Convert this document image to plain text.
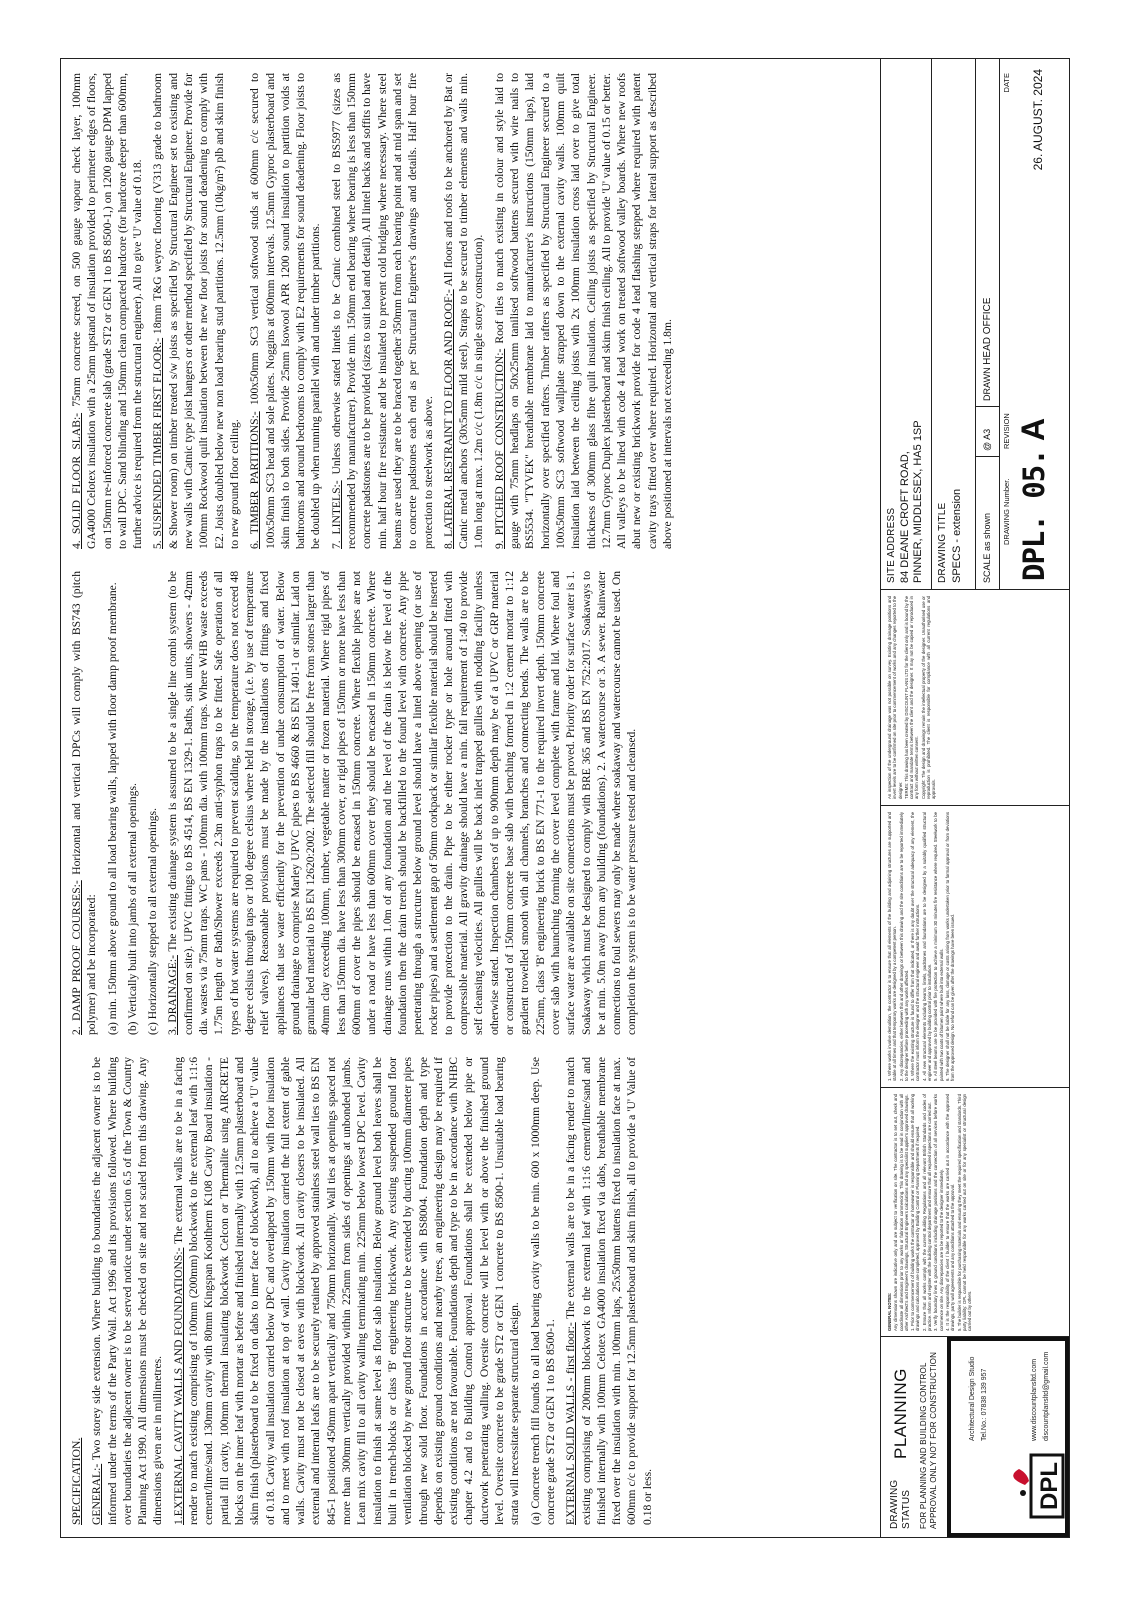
SPECIFICATION. GENERAL:- Two storey side extension. Where building to boundaries the adjacent owner is to be informed under the terms of the Party Wall. Act 1996 and its provisions followed. Where building over boundaries the adjacent owner is to be served notice under section 6.5 of the Town & Country Planning Act 1990. All dimensions must be checked on site and not scaled from this drawing. Any dimensions given are in millimetres. 1.EXTERNAL CAVITY WALLS AND FOUNDATIONS:- The external walls are to be in a facing render to match existing comprising of 100mm (200mm) blockwork to the external leaf with 1:1:6 cement/lime/sand. 130mm cavity with 80mm Kingspan Kooltherm K108 Cavity Board insulation - partial fill cavity, 100mm thermal insulating blockwork Celcon or Thermalite using AIRCRETE blocks on the inner leaf with mortar as before and finished internally with 12.5mm plasterboard and skim finish (plasterboard to be fixed on dabs to inner face of blockwork), all to achieve a 'U' value of 0.18. Cavity wall insulation carried below DPC and overlapped by 150mm with floor insulation and to meet with roof insulation at top of wall. Cavity insulation carried the full extent of gable walls. Cavity must not be closed at eaves with blockwork. All cavity closers to be insulated. All external and internal leafs are to be securely retained by approved stainless steel wall ties to BS EN 845-1 positioned 450mm apart vertically and 750mm horizontally. Wall ties at openings spaced not more than 300mm vertically provided within 225mm from sides of openings at unbonded jambs. Lean mix cavity fill to all cavity walling terminating min. 225mm below lowest DPC level. Cavity insulation to finish at same level as floor slab insulation. Below ground level both leaves shall be built in trench-blocks or class 'B' engineering brickwork. Any existing suspended ground floor ventilation blocked by new ground floor structure to be extended by ducting 100mm diameter pipes through new solid floor. Foundations in accordance with BS8004. Foundation depth and type depends on existing ground conditions and nearby trees, an engineering design may be required if existing conditions are not favourable. Foundations depth and type to be in accordance with NHBC chapter 4.2 and to Building Control approval. Foundations shall be extended below pipe or ductwork penetrating walling. Oversite concrete will be level with or above the finished ground level. Oversite concrete to be grade ST2 or GEN 1 concrete to BS 8500-1. Unsuitable load bearing strata will necessitate separate structural design. (a) Concrete trench fill founds to all load bearing cavity walls to be min. 600 x 1000mm deep. Use concrete grade ST2 or GEN 1 to BS 8500-1. EXTERNAL SOLID WALLS - first floor:- The external walls are to be in a facing render to match existing comprising of 200mm blockwork to the external leaf with 1:1:6 cement/lime/sand and finished internally with 100mm Celotex GA4000 insulation fixed via dabs, breathable membrane fixed over the insulation with min. 100mm laps, 25x50mm battens fixed to insulation face at max. 600mm c/c to provide support for 12.5mm plasterboard and skim finish, all to provide a 'U' Value of 0.18 or less.

2. DAMP PROOF COURSES:- Horizontal and vertical DPCs will comply with BS743 (pitch polymer) and be incorporated: (a) min. 150mm above ground to all load bearing walls, lapped with floor damp proof membrane. (b) Vertically built into jambs of all external openings. (c) Horizontally stepped to all external openings. 3. DRAINAGE:- The existing drainage system is assumed to be a single line combi system (to be confirmed on site). UPVC fittings to BS 4514, BS EN 1329-1. Baths, sink units, showers - 42mm dia. wastes via 75mm traps. WC pans - 100mm dia. with 100mm traps. Where WHB waste exceeds 1.75m length or Bath/Shower exceeds 2.3m anti-syphon traps to be fitted. Safe operation of all types of hot water systems are required to prevent scalding, so the temperature does not exceed 48 degree celsius through taps or 100 degree celsius where held in storage, (i.e. by use of temperature relief valves). Reasonable provisions must be made by the installations of fittings and fixed appliances that use water efficiently for the prevention of undue consumption of water. Below ground drainage to comprise Marley UPVC pipes to BS 4660 & BS EN 1401-1 or similar. Laid on granular bed material to BS EN 12620:2002. The selected fill should be free from stones larger than 40mm clay exceeding 100mm, timber, vegetable matter or frozen material. Where rigid pipes of less than 150mm dia. have less than 300mm cover, or rigid pipes of 150mm or more have less than 600mm of cover the pipes should be encased in 150mm concrete. Where flexible pipes are not under a road or have less than 600mm cover they should be encased in 150mm concrete. Where drainage runs within 1.0m of any foundation and the level of the drain is below the level of the foundation then the drain trench should be backfilled to the found level with concrete. Any pipe penetrating through a structure below ground level should have a lintel above opening (or use of rocker pipes) and a settlement gap of 50mm corkpack or similar flexible material should be inserted to provide protection to the drain. Pipe to be either rocker type or hole around fitted with compressible material. All gravity drainage should have a min. fall requirement of 1:40 to provide self cleansing velocities. All gullies will be back inlet trapped gullies with rodding facility unless otherwise stated. Inspection chambers of up to 900mm depth may be of a UPVC or GRP material or constructed of 150mm concrete base slab with benching formed in 1:2 cement mortar to 1:12 gradient trowelled smooth with all channels, branches and connecting bends. The walls are to be 225mm, class 'B' engineering brick to BS EN 771-1 to the required invert depth. 150mm concrete cover slab with haunching forming the cover level complete with frame and lid. Where foul and surface water are available on site connections must be proved. Priority order for surface water is 1. Soakaway which must be designed to comply with BRE 365 and BS EN 752:2017. Soakaways to be at min. 5.0m away from any building (foundations). 2. A watercourse or 3. A sewer. Rainwater connections to foul sewers may only be made where soakaway and watercourse cannot be used. On completion the system is to be water pressure tested and cleansed.

4. SOLID FLOOR SLAB:- 75mm concrete screed, on 500 gauge vapour check layer, 100mm GA4000 Celotex insulation with a 25mm upstand of insulation provided to perimeter edges of floors, on 150mm re-inforced concrete slab (grade ST2 or GEN 1 to BS 8500-1,) on 1200 gauge DPM lapped to wall DPC. Sand blinding and 150mm clean compacted hardcore (for hardcore deeper than 600mm, further advice is required from the structural engineer). All to give 'U' value of 0.18. 5. SUSPENDED TIMBER FIRST FLOOR:- 18mm T&G weyroc flooring (V313 grade to bathroom & Shower room) on timber treated s/w joists as specified by Structural Engineer set to existing and new walls with Catnic type joist hangers or other method specified by Structural Engineer. Provide for 100mm Rockwool quilt insulation between the new floor joists for sound deadening to comply with E2. Joists doubled below new non load bearing stud partitions. 12.5mm (10kg/m²) plb and skim finish to new ground floor ceiling. 6. TIMBER PARTITIONS:- 100x50mm SC3 vertical softwood studs at 600mm c/c secured to 100x50mm SC3 head and sole plates. Noggins at 600mm intervals. 12.5mm Gyproc plasterboard and skim finish to both sides. Provide 25mm Isowool APR 1200 sound insulation to partition voids at bathrooms and around bedrooms to comply with E2 requirements for sound deadening. Floor joists to be doubled up when running parallel with and under timber partitions. 7. LINTELS:- Unless otherwise stated lintels to be Catnic combined steel to BS5977 (sizes as recommended by manufacturer). Provide min. 150mm end bearing where bearing is less than 150mm concrete padstones are to be provided (sizes to suit load and detail). All lintel backs and soffits to have min. half hour fire resistance and be insulated to prevent cold bridging where necessary. Where steel beams are used they are to be braced together 350mm from each bearing point and at mid span and set to concrete padstones each end as per Structural Engineer's drawings and details. Half hour fire protection to steelwork as above. 8. LATERAL RESTRAINT TO FLOOR AND ROOF:- All floors and roofs to be anchored by Bat or Catnic metal anchors (30x5mm mild steel). Straps to be secured to timber elements and walls min. 1.0m long at max. 1.2m c/c (1.8m c/c in single storey construction). 9. PITCHED ROOF CONSTRUCTION:- Roof tiles to match existing in colour and style laid to gauge with 75mm headlaps on 50x25mm tanilised softwood battens secured with wire nails to BS5534. "TYVEK" breathable membrane laid to manufacturer's instructions (150mm laps), laid horizontally over specified rafters. Timber rafters as specified by Structural Engineer secured to a 100x50mm SC3 softwood wallplate strapped down to the external cavity walls. 100mm quilt insulation laid between the ceiling joists with 2x 100mm insulation cross laid over to give total thickness of 300mm glass fibre quilt insulation. Ceiling joists as specified by Structural Engineer. 12.7mm Gyproc Duplex plasterboard and skim finish ceiling. All to provide 'U' value of 0.15 or better. All valleys to be lined with code 4 lead work on treated softwood valley boards. Where new roofs abut new or existing brickwork provide for code 4 lead flashing stepped where required with patent cavity trays fitted over where required. Horizontal and vertical straps for lateral support as described above positioned at intervals not exceeding 1.8m.

DRAWING STATUS
PLANNING FOR PLANNING AND BUILDING CONTROL APPROVAL ONLY NOT FOR CONSTRUCTION	DPL
Architectural Design Studio Tel.No.: 07838 139 957	www.discountplansltd.com discountplansltd@gmail.com

GENERAL NOTES: Any dimensions shown are indicative only and are subject to verification on site. The contractor is to set out, check and coordinate all dimensions prior to any works or fabrication commencing. This drawing is to be read in conjunction with all other Architect's and Engineer's drawings, Structural Engineers calculations and any specialist supplier's approved drawings. 1. Prior to commencement of building works the contractor or homeowner is responsible and should ensure that all working drawings and calculations are completed, approved by Building Control or Planning Departments if required. 2. Ensure that all works comply with the current Building Regulations and all relevant British Standards and codes of practice. Inform and register with the building control department and ensure that all required inspections are carried out. 3. Verify boundary lines & ground conditions including drainage positions and the connection of all services before works commence on site. Any discrepancies are to be reported to the designer immediately. 4. It is the responsibility of the client / builder to ensure that the works are carried out in accordance with the approved drawings, party wall agreements and any conditions attached to the approval. 5. The builder is responsible for purchasing materials and ensuring they meet the required specification and standards. Third party liability: DPL cannot be held responsible for any works carried out on site or for any specialist or structural design carried out by others.

1. Where works involve demolition, the contractor is to ensure that all elements of the building and adjoining structures are supported and stable at all times and that temporary works are designed by a competent person. 2. Any discrepancies, either between this and other drawings or between this drawing and the site conditions are to be reported immediately to the designer before proceeding with any works affected. 3. Where the existing structure is found to differ from that indicated, or there is any doubt over the structural adequacy of any element, the contractor must inform the designer and the structural engineer and await further instructions. 4. All new structural elements including beams, lintels, padstones and foundations are to be designed by a suitably qualified structural engineer and approved by building control prior to installation. 5. All steel beams are to be provided with fire protection to achieve a minimum 30 minutes fire resistance where required. Steelwork to be painted with two coats of bitumen paint where built into external walls. 6. The designer shall not be liable for any loss, damage or costs arising from works undertaken prior to formal approval or from deviations from the approved design. No refund can be given after the drawings have been issued.

An inspection of the underground drainage was not possible on survey. Existing drainage positions and invert levels are to be confirmed on site prior to commencement of works and any changes reported to the designer. TERMS: This drawing has been created by DISCOUNT PLANS LTD for the client only and is bound by the contract and mandate terms between the client and the designer. It may not be copied or reproduced in any form without written consent. Copyright: The design and drawings remain the intellectual property of the designer. Unauthorised use or reproduction is prohibited. The client is responsible for compliance with all current regulations and approvals.

SITE ADDRESS 84 DEANE CROFT ROAD, PINNER, MIDDLESEX, HA5 1SP DRAWING TITLE SPECS - extension SCALE as shown
@ A3
DRAWN HEAD OFFICE
DRAWING Number.
REVISION
DATE
DPL. 05.
A
26. AUGUST. 2024
